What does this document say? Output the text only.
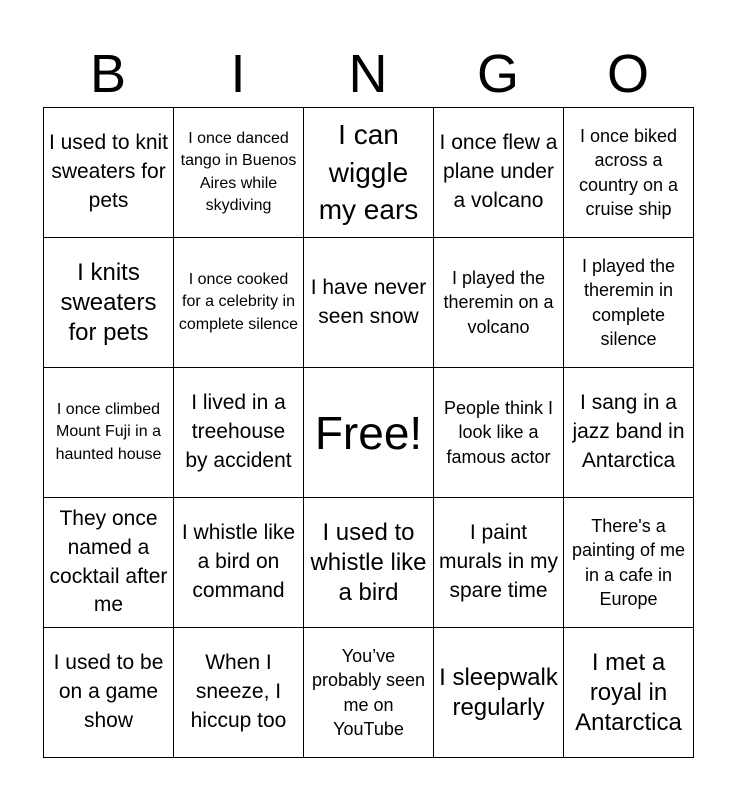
B	I	N	G	O
I used to knit sweaters for pets	I once danced tango in Buenos Aires while skydiving	I can wiggle my ears	I once flew a plane under a volcano	I once biked across a country on a cruise ship
I knits sweaters for pets	I once cooked for a celebrity in complete silence	I have never seen snow	I played the theremin on a volcano	I played the theremin in complete silence
I once climbed Mount Fuji in a haunted house	I lived in a treehouse by accident	Free!	People think I look like a famous actor	I sang in a jazz band in Antarctica
They once named a cocktail after me	I whistle like a bird on command	I used to whistle like a bird	I paint murals in my spare time	There's a painting of me in a cafe in Europe
I used to be on a game show	When I sneeze, I hiccup too	You’ve probably seen me on YouTube	I sleepwalk regularly	I met a royal in Antarctica
